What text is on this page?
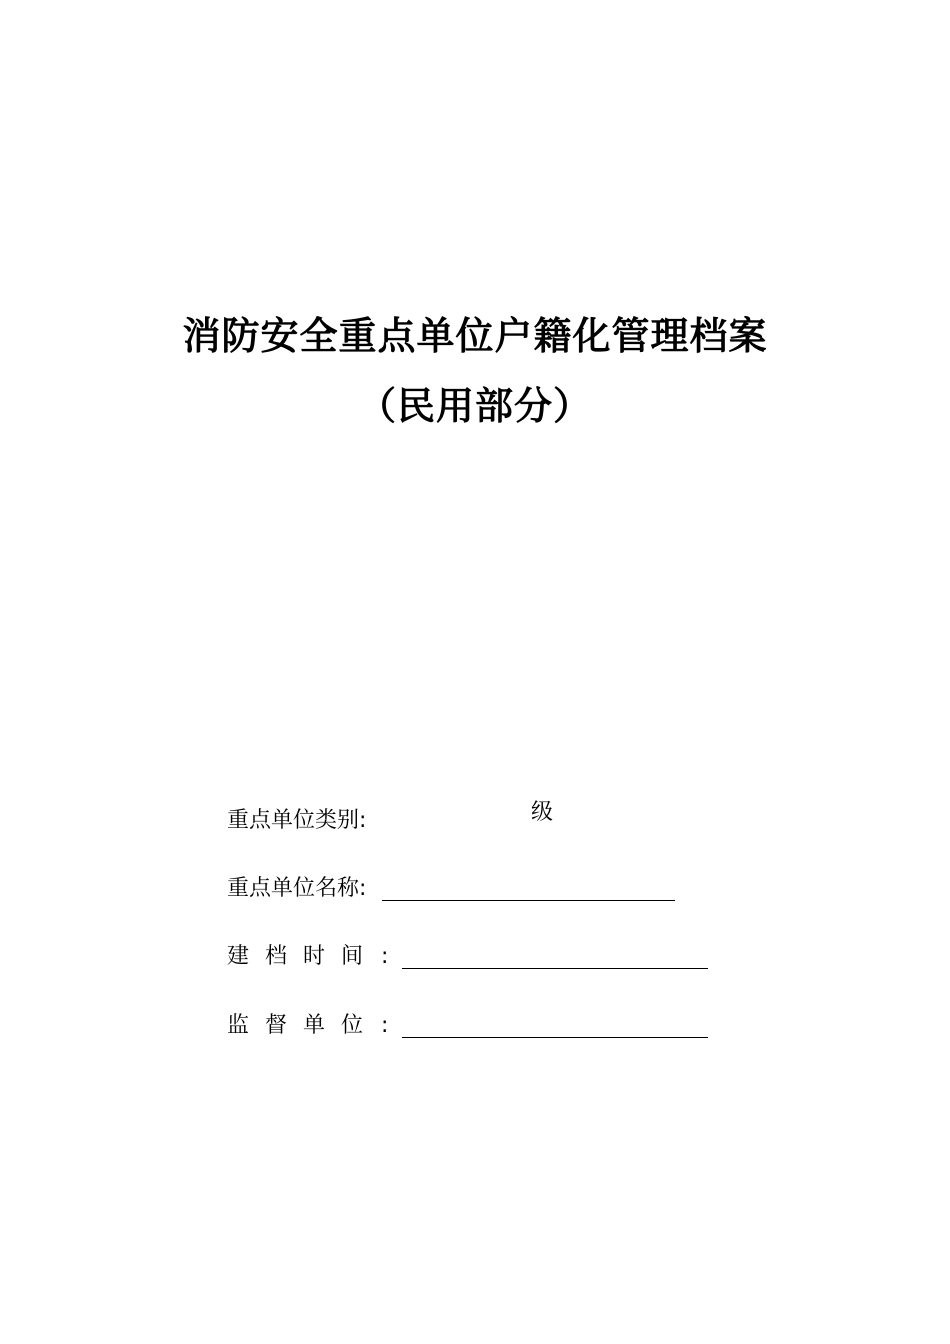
消防安全重点单位户籍化管理档案
（民用部分）
重点单位类别:	级
重点单位名称:
建档时间 :
监督单位 :
